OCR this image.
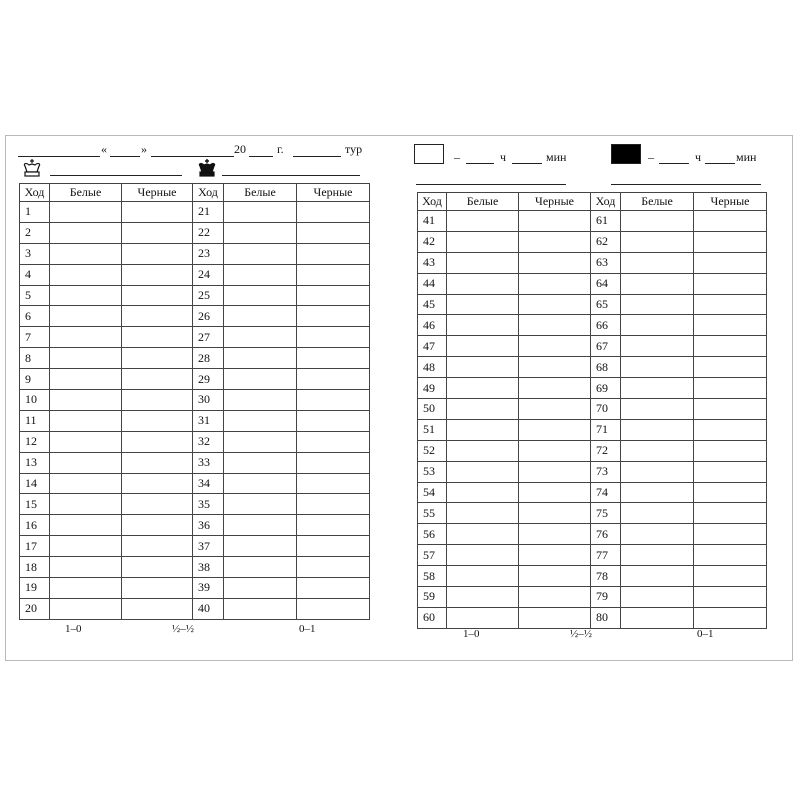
«	»	20	г.	тур
Ход	Белые	Черные	Ход	Белые	Черные
1			21		
2			22		
3			23		
4			24		
5			25		
6			26		
7			27		
8			28		
9			29		
10			30		
11			31		
12			32		
13			33		
14			34		
15			35		
16			36		
17			37		
18			38		
19			39		
20			40		
1–0	½–½	0–1
–	ч	мин	–	ч	мин
Ход	Белые	Черные	Ход	Белые	Черные
41			61		
42			62		
43			63		
44			64		
45			65		
46			66		
47			67		
48			68		
49			69		
50			70		
51			71		
52			72		
53			73		
54			74		
55			75		
56			76		
57			77		
58			78		
59			79		
60			80		
1–0	½–½	0–1
